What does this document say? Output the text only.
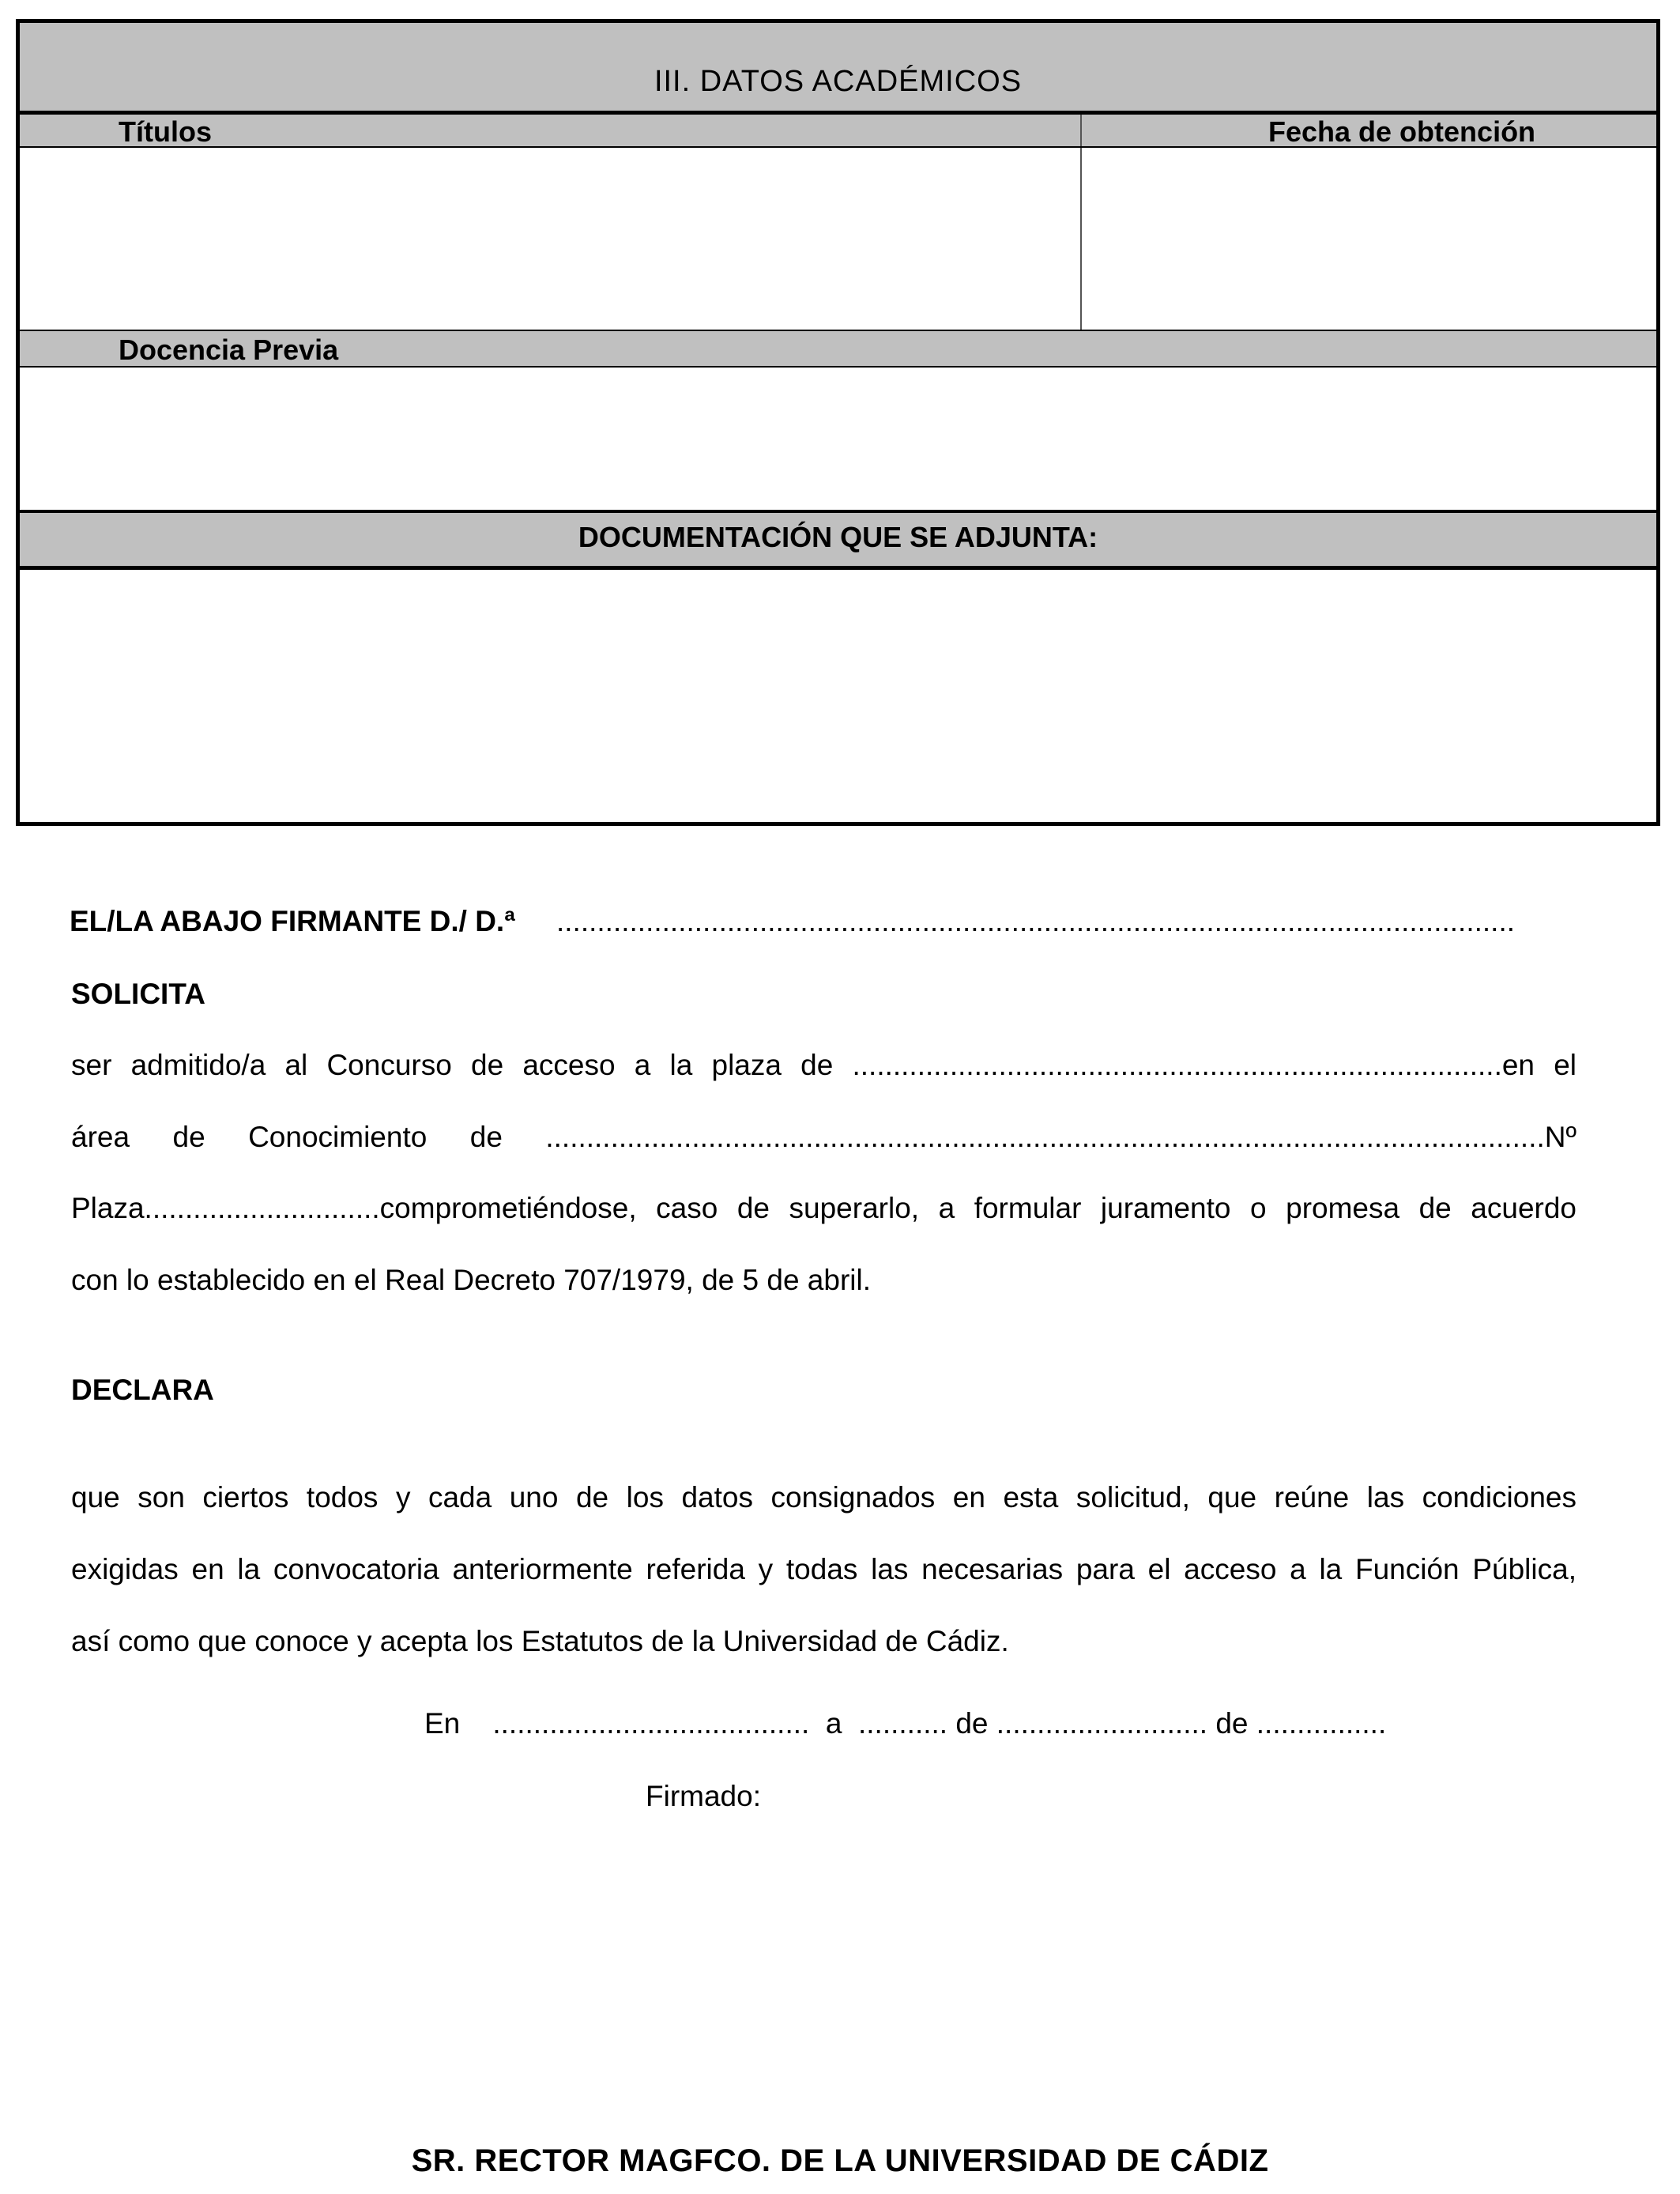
III. DATOS ACADÉMICOS
Títulos	Fecha de obtención
Docencia Previa
DOCUMENTACIÓN QUE SE ADJUNTA:
EL/LA ABAJO FIRMANTE D./ D.ª ......................................................................................................................
SOLICITA
ser admitido/a al Concurso de acceso a la plaza de ................................................................................en el
área de Conocimiento de ...........................................................................................................................Nº
Plaza.............................comprometiéndose, caso de superarlo, a formular juramento o promesa de acuerdo
con lo establecido en el Real Decreto 707/1979, de 5 de abril.
DECLARA
que son ciertos todos y cada uno de los datos consignados en esta solicitud, que reúne las condiciones
exigidas en la convocatoria anteriormente referida y todas las necesarias para el acceso a la Función Pública,
así como que conoce y acepta los Estatutos de la Universidad de Cádiz.
En    .......................................  a  ........... de .......................... de ................
Firmado:
SR. RECTOR MAGFCO. DE LA UNIVERSIDAD DE CÁDIZ
